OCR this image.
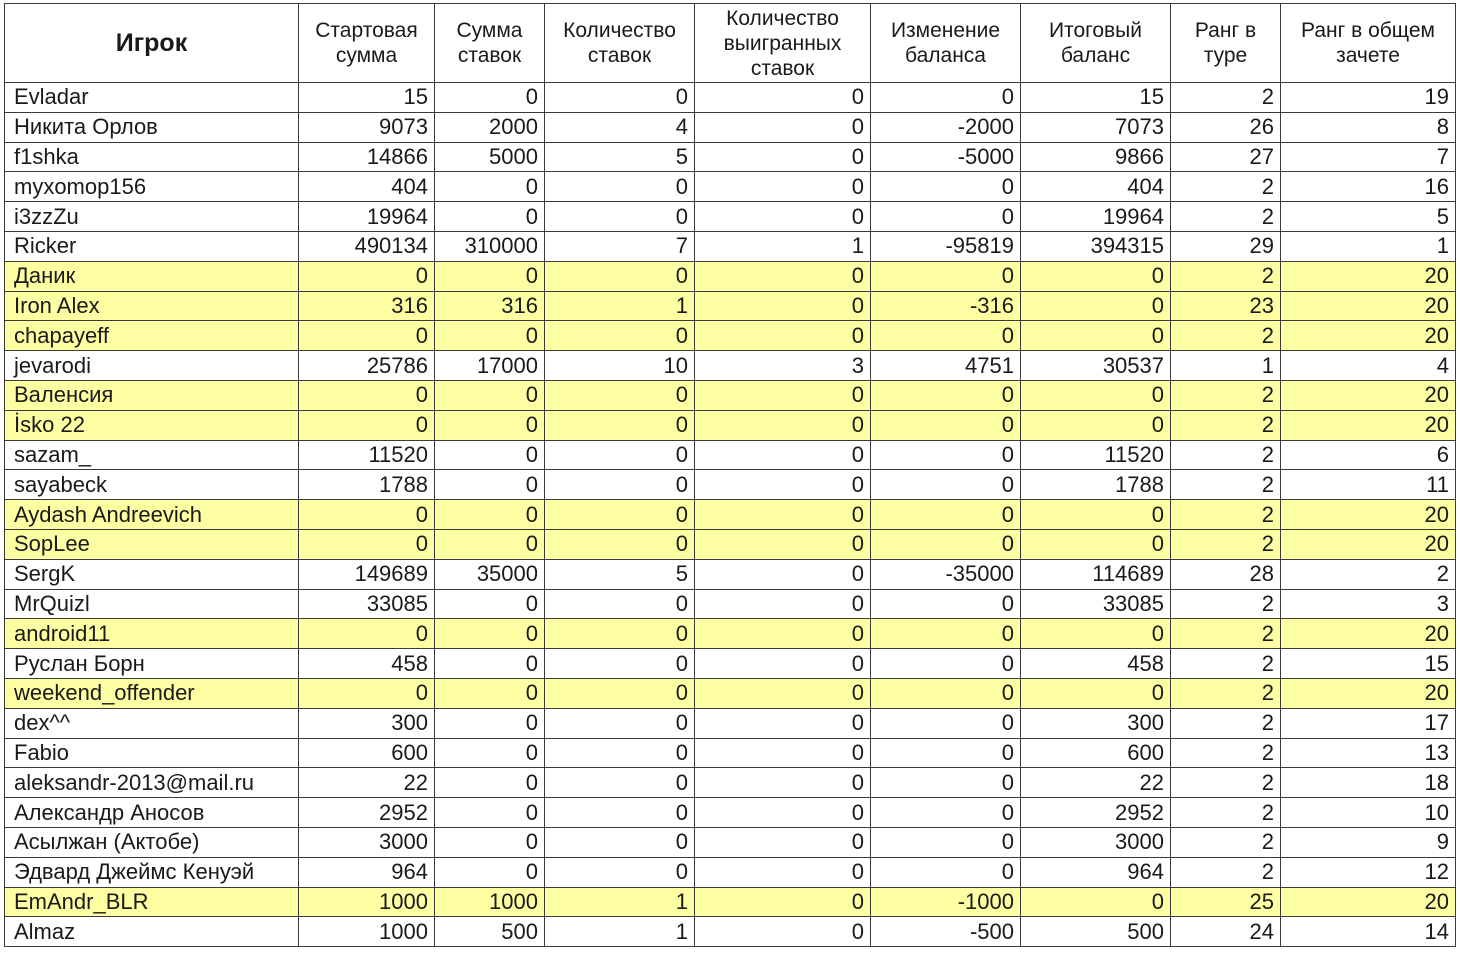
Игрок	Стартовая сумма	Сумма ставок	Количество ставок	Количество выигранных ставок	Изменение баланса	Итоговый баланс	Ранг в туре	Ранг в общем зачете
Evladar	15	0	0	0	0	15	2	19
Никита Орлов	9073	2000	4	0	-2000	7073	26	8
f1shka	14866	5000	5	0	-5000	9866	27	7
myxomop156	404	0	0	0	0	404	2	16
i3zzZu	19964	0	0	0	0	19964	2	5
Ricker	490134	310000	7	1	-95819	394315	29	1
Даник	0	0	0	0	0	0	2	20
Iron Alex	316	316	1	0	-316	0	23	20
chapayeff	0	0	0	0	0	0	2	20
jevarodi	25786	17000	10	3	4751	30537	1	4
Валенсия	0	0	0	0	0	0	2	20
İsko 22	0	0	0	0	0	0	2	20
sazam_	11520	0	0	0	0	11520	2	6
sayabeck	1788	0	0	0	0	1788	2	11
Aydash Andreevich	0	0	0	0	0	0	2	20
SopLee	0	0	0	0	0	0	2	20
SergK	149689	35000	5	0	-35000	114689	28	2
MrQuizl	33085	0	0	0	0	33085	2	3
android11	0	0	0	0	0	0	2	20
Руслан Борн	458	0	0	0	0	458	2	15
weekend_offender	0	0	0	0	0	0	2	20
dex^^	300	0	0	0	0	300	2	17
Fabio	600	0	0	0	0	600	2	13
aleksandr-2013@mail.ru	22	0	0	0	0	22	2	18
Александр Аносов	2952	0	0	0	0	2952	2	10
Асылжан (Актобе)	3000	0	0	0	0	3000	2	9
Эдвард Джеймс Кенуэй	964	0	0	0	0	964	2	12
EmAndr_BLR	1000	1000	1	0	-1000	0	25	20
Almaz	1000	500	1	0	-500	500	24	14
